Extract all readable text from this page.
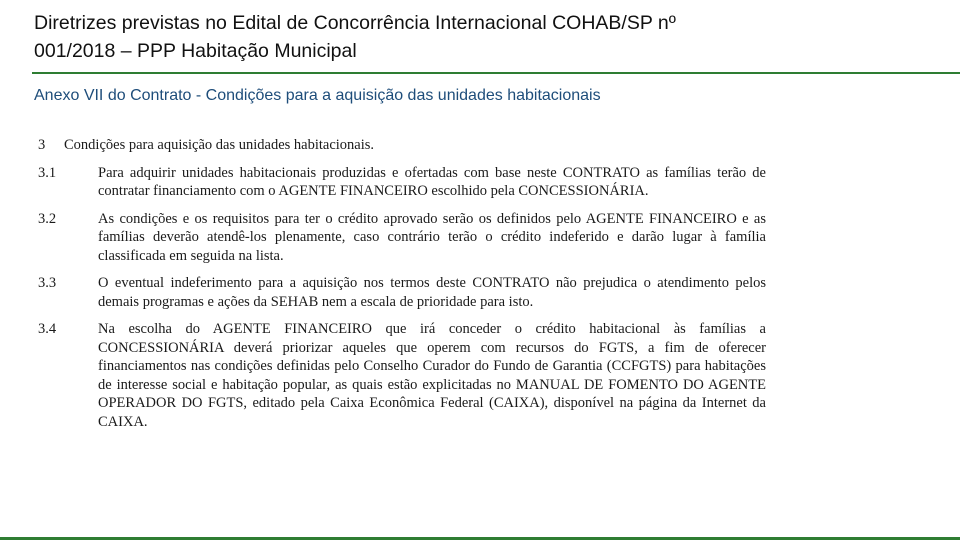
Diretrizes previstas no Edital de Concorrência Internacional COHAB/SP nº
001/2018 – PPP Habitação Municipal
Anexo VII do Contrato - Condições para a aquisição das unidades habitacionais
3	Condições para aquisição das unidades habitacionais.
3.1	Para adquirir unidades habitacionais produzidas e ofertadas com base neste CONTRATO as famílias terão de contratar financiamento com o AGENTE FINANCEIRO escolhido pela CONCESSIONÁRIA.
3.2	As condições e os requisitos para ter o crédito aprovado serão os definidos pelo AGENTE FINANCEIRO e as famílias deverão atendê-los plenamente, caso contrário terão o crédito indeferido e darão lugar à família classificada em seguida na lista.
3.3	O eventual indeferimento para a aquisição nos termos deste CONTRATO não prejudica o atendimento pelos demais programas e ações da SEHAB nem a escala de prioridade para isto.
3.4	Na escolha do AGENTE FINANCEIRO que irá conceder o crédito habitacional às famílias a CONCESSIONÁRIA deverá priorizar aqueles que operem com recursos do FGTS, a fim de oferecer financiamentos nas condições definidas pelo Conselho Curador do Fundo de Garantia (CCFGTS) para habitações de interesse social e habitação popular, as quais estão explicitadas no MANUAL DE FOMENTO DO AGENTE OPERADOR DO FGTS, editado pela Caixa Econômica Federal (CAIXA), disponível na página da Internet da CAIXA.
